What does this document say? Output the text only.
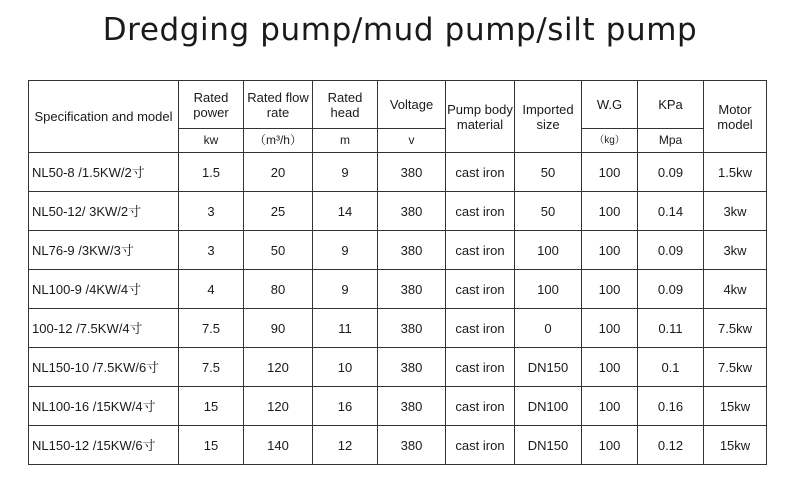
Dredging pump/mud pump/silt pump
Specification and model	Rated power	Rated flow rate	Rated head	Voltage	Pump body material	Imported size	W.G	KPa	Motor model
	kw	（m³/h）	m	v			（kg）	Mpa	
NL50-8 /1.5KW/2寸	1.5	20	9	380	cast iron	50	100	0.09	1.5kw
NL50-12/ 3KW/2寸	3	25	14	380	cast iron	50	100	0.14	3kw
NL76-9 /3KW/3寸	3	50	9	380	cast iron	100	100	0.09	3kw
NL100-9 /4KW/4寸	4	80	9	380	cast iron	100	100	0.09	4kw
100-12 /7.5KW/4寸	7.5	90	11	380	cast iron	0	100	0.11	7.5kw
NL150-10 /7.5KW/6寸	7.5	120	10	380	cast iron	DN150	100	0.1	7.5kw
NL100-16 /15KW/4寸	15	120	16	380	cast iron	DN100	100	0.16	15kw
NL150-12 /15KW/6寸	15	140	12	380	cast iron	DN150	100	0.12	15kw
